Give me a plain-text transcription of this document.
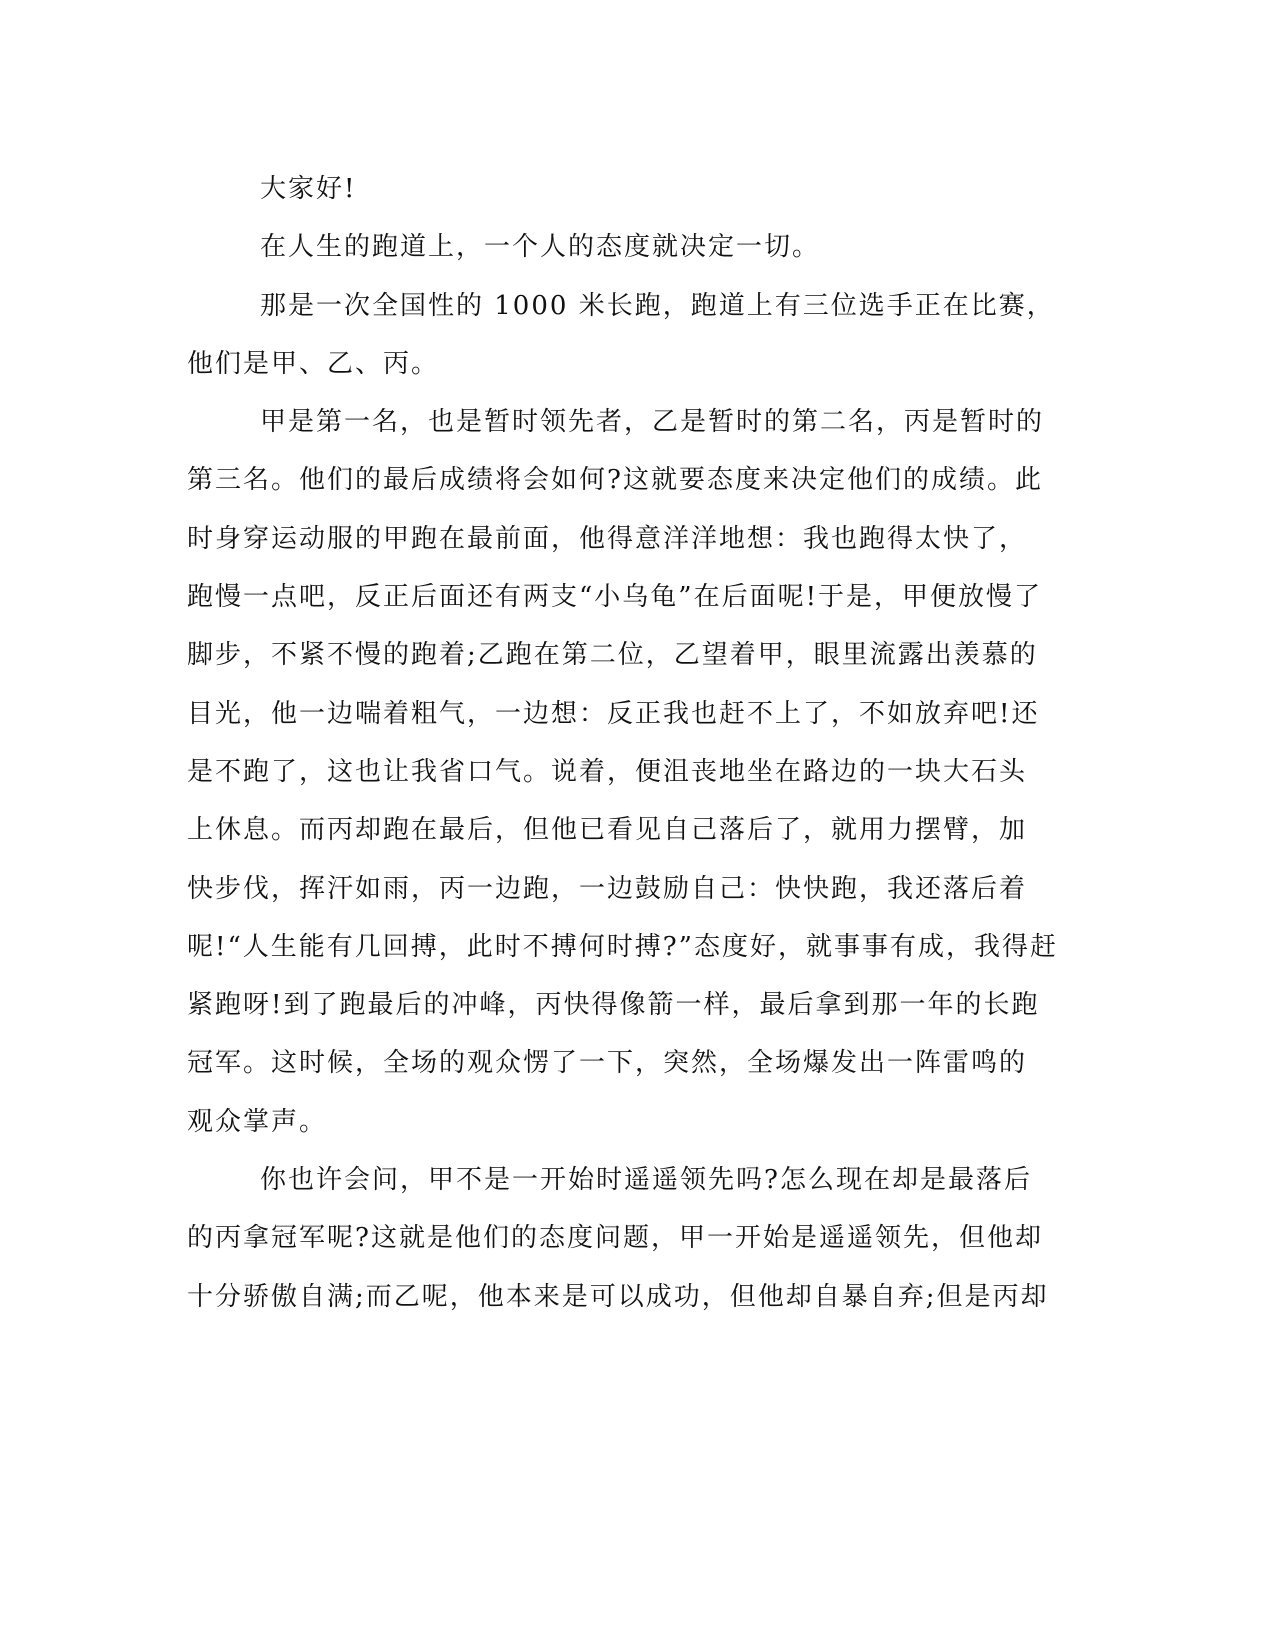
大家好!
在人生的跑道上，一个人的态度就决定一切。
那是一次全国性的 1000 米长跑，跑道上有三位选手正在比赛，
他们是甲、乙、丙。
甲是第一名，也是暂时领先者，乙是暂时的第二名，丙是暂时的
第三名。他们的最后成绩将会如何?这就要态度来决定他们的成绩。此
时身穿运动服的甲跑在最前面，他得意洋洋地想：我也跑得太快了，
跑慢一点吧，反正后面还有两支“小乌龟”在后面呢!于是，甲便放慢了
脚步，不紧不慢的跑着;乙跑在第二位，乙望着甲，眼里流露出羡慕的
目光，他一边喘着粗气，一边想：反正我也赶不上了，不如放弃吧!还
是不跑了，这也让我省口气。说着，便沮丧地坐在路边的一块大石头
上休息。而丙却跑在最后，但他已看见自己落后了，就用力摆臂，加
快步伐，挥汗如雨，丙一边跑，一边鼓励自己：快快跑，我还落后着
呢!“人生能有几回搏，此时不搏何时搏?”态度好，就事事有成，我得赶
紧跑呀!到了跑最后的冲峰，丙快得像箭一样，最后拿到那一年的长跑
冠军。这时候，全场的观众愣了一下，突然，全场爆发出一阵雷鸣的
观众掌声。
你也许会问，甲不是一开始时遥遥领先吗?怎么现在却是最落后
的丙拿冠军呢?这就是他们的态度问题，甲一开始是遥遥领先，但他却
十分骄傲自满;而乙呢，他本来是可以成功，但他却自暴自弃;但是丙却
